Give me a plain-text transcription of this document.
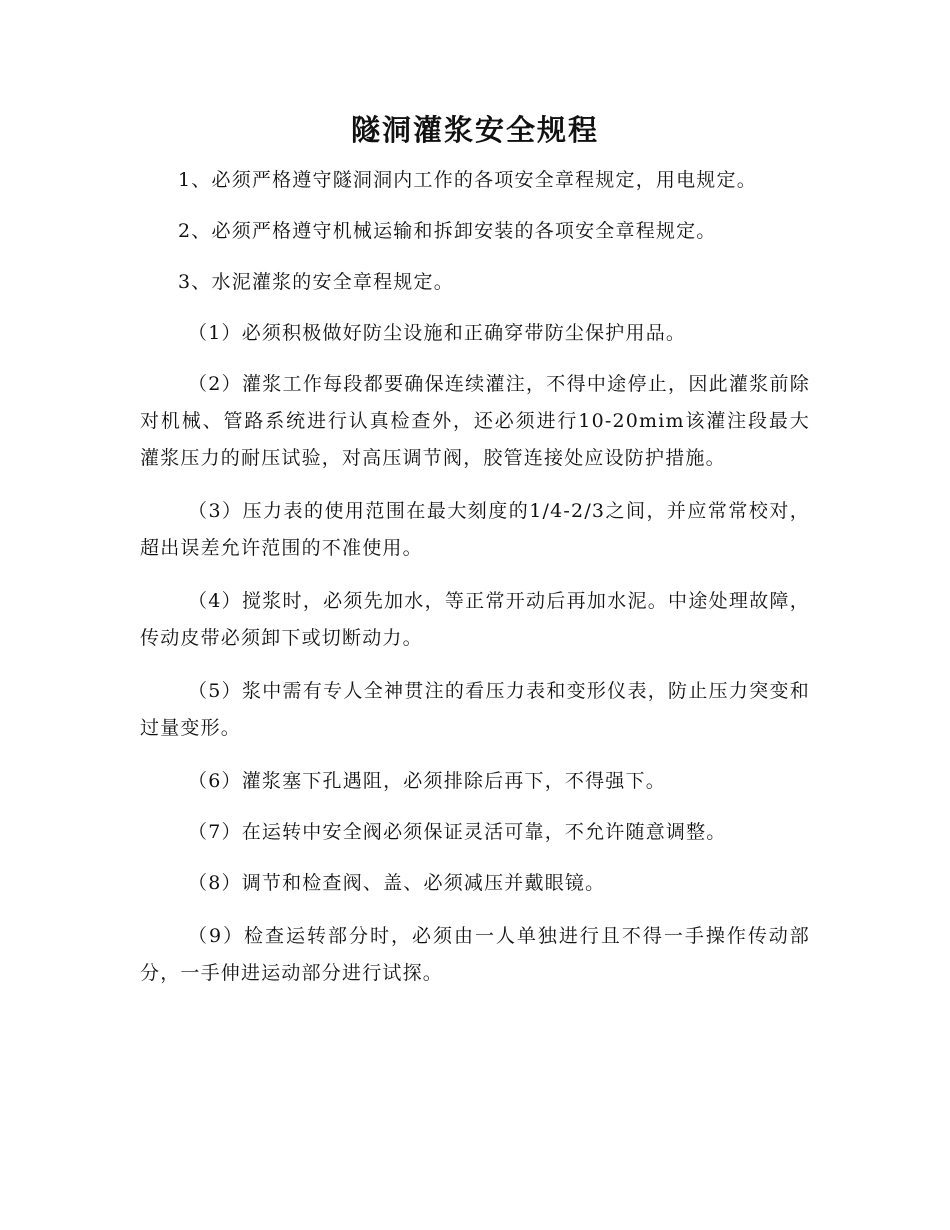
隧洞灌浆安全规程

1、必须严格遵守隧洞洞内工作的各项安全章程规定，用电规定。

2、必须严格遵守机械运输和拆卸安装的各项安全章程规定。

3、水泥灌浆的安全章程规定。

（1）必须积极做好防尘设施和正确穿带防尘保护用品。

（2）灌浆工作每段都要确保连续灌注，不得中途停止，因此灌浆前除对机械、管路系统进行认真检查外，还必须进行10-20mim该灌注段最大灌浆压力的耐压试验，对高压调节阀，胶管连接处应设防护措施。

（3）压力表的使用范围在最大刻度的1/4-2/3之间，并应常常校对，超出误差允许范围的不准使用。

（4）搅浆时，必须先加水，等正常开动后再加水泥。中途处理故障，传动皮带必须卸下或切断动力。

（5）浆中需有专人全神贯注的看压力表和变形仪表，防止压力突变和过量变形。

（6）灌浆塞下孔遇阻，必须排除后再下，不得强下。

（7）在运转中安全阀必须保证灵活可靠，不允许随意调整。

（8）调节和检查阀、盖、必须减压并戴眼镜。

（9）检查运转部分时，必须由一人单独进行且不得一手操作传动部分，一手伸进运动部分进行试探。
